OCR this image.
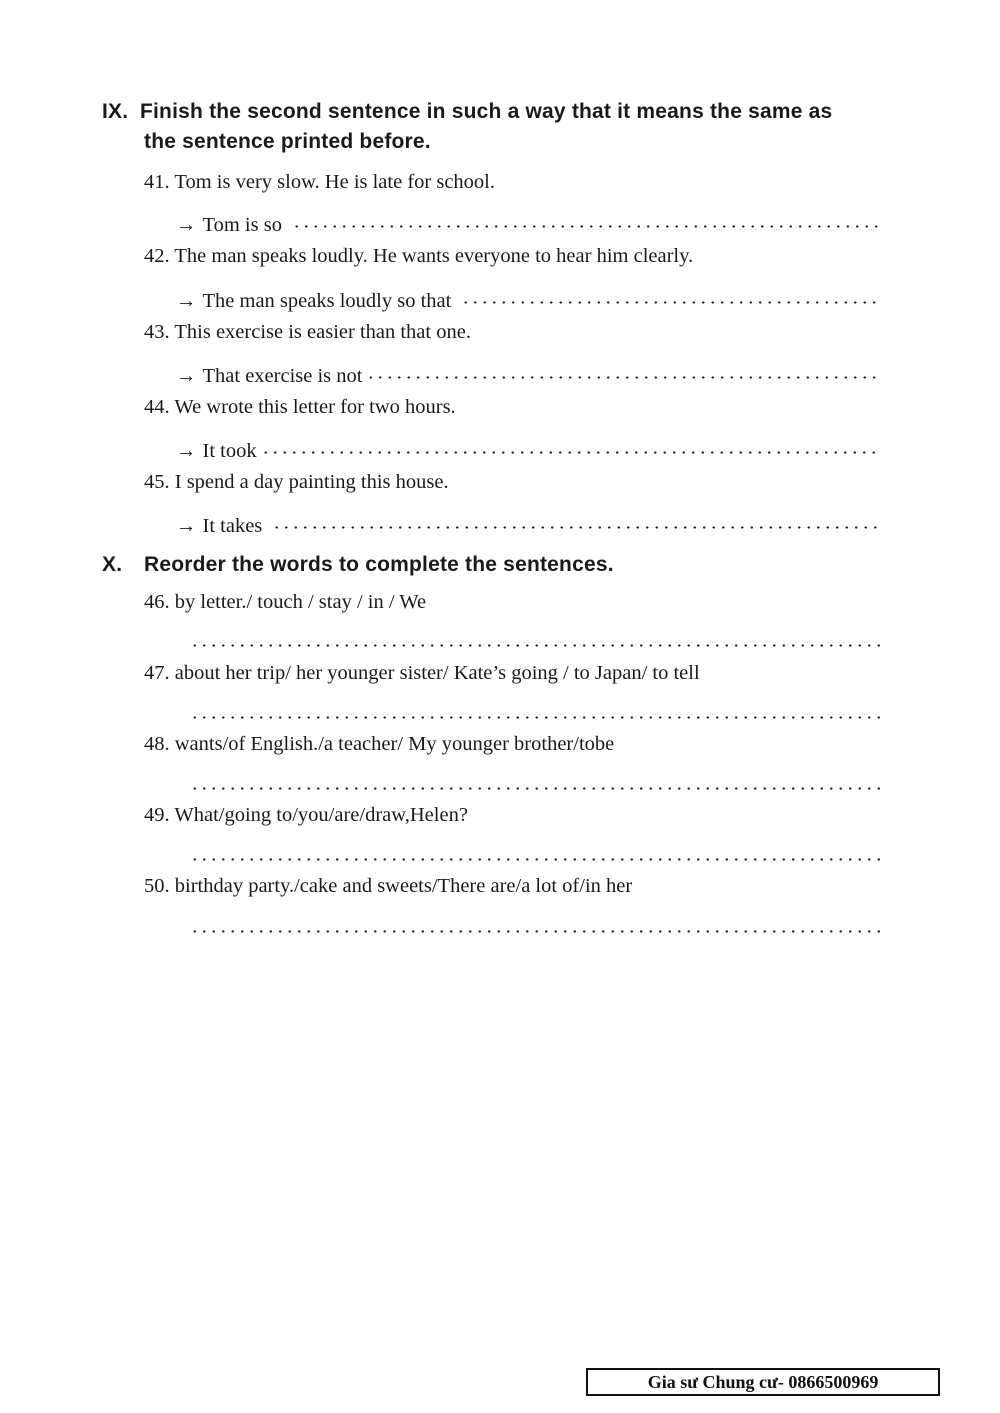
IX. Finish the second sentence in such a way that it means the same as
the sentence printed before.
41. Tom is very slow. He is late for school.
→ Tom is so
42. The man speaks loudly. He wants everyone to hear him clearly.
→ The man speaks loudly so that
43. This exercise is easier than that one.
→ That exercise is not
44. We wrote this letter for two hours.
→ It took
45. I spend a day painting this house.
→ It takes
X. Reorder the words to complete the sentences.
46. by letter./ touch / stay / in / We
47. about her trip/ her younger sister/ Kate’s going / to Japan/ to tell
48. wants/of English./a teacher/ My younger brother/tobe
49. What/going to/you/are/draw,Helen?
50. birthday party./cake and sweets/There are/a lot of/in her
Gia sư Chung cư- 0866500969
